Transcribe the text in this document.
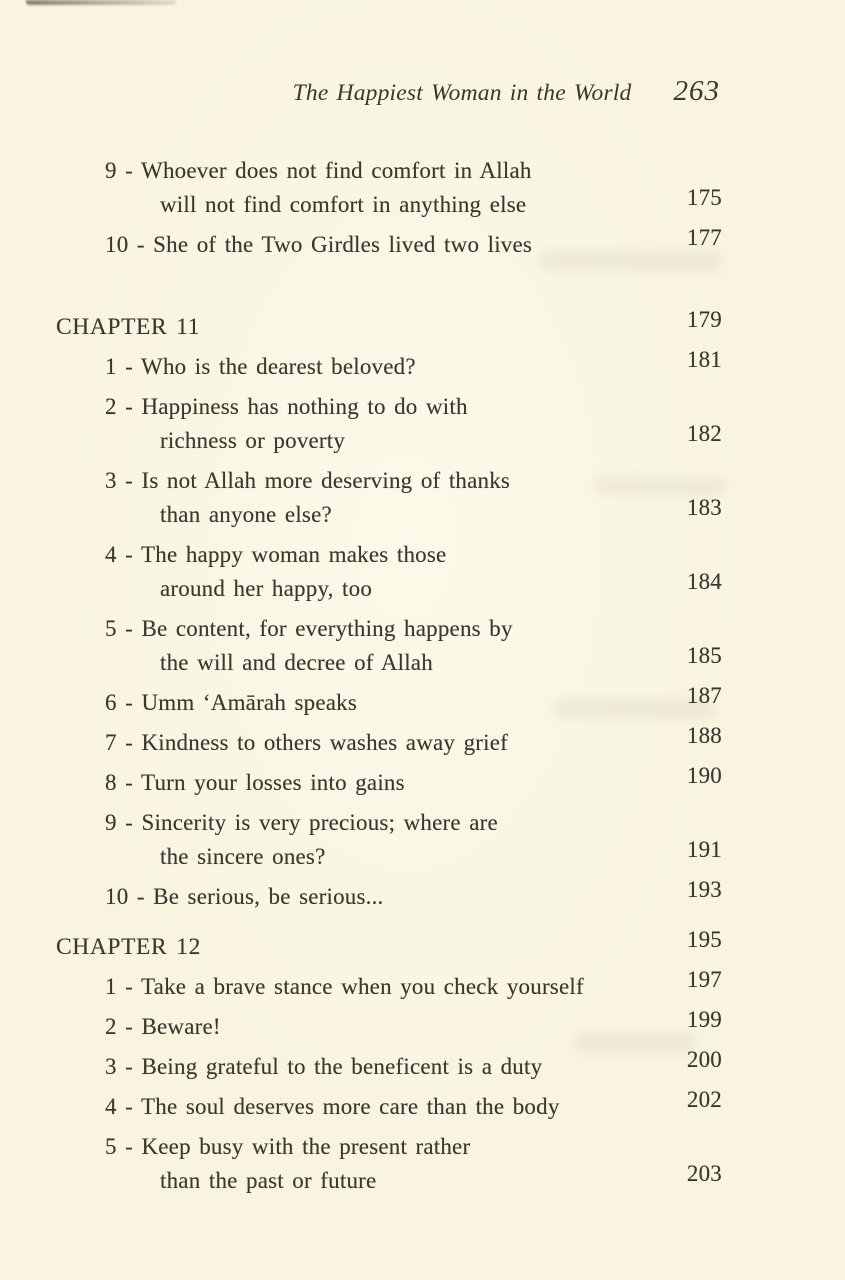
The Happiest Woman in the World 263
9 - Whoever does not find comfort in Allah
will not find comfort in anything else	175
10 - She of the Two Girdles lived two lives	177
CHAPTER 11	179
1 - Who is the dearest beloved?	181
2 - Happiness has nothing to do with
richness or poverty	182
3 - Is not Allah more deserving of thanks
than anyone else?	183
4 - The happy woman makes those
around her happy, too	184
5 - Be content, for everything happens by
the will and decree of Allah	185
6 - Umm ‘Amārah speaks	187
7 - Kindness to others washes away grief	188
8 - Turn your losses into gains	190
9 - Sincerity is very precious; where are
the sincere ones?	191
10 - Be serious, be serious...	193
CHAPTER 12	195
1 - Take a brave stance when you check yourself	197
2 - Beware!	199
3 - Being grateful to the beneficent is a duty	200
4 - The soul deserves more care than the body	202
5 - Keep busy with the present rather
than the past or future	203
